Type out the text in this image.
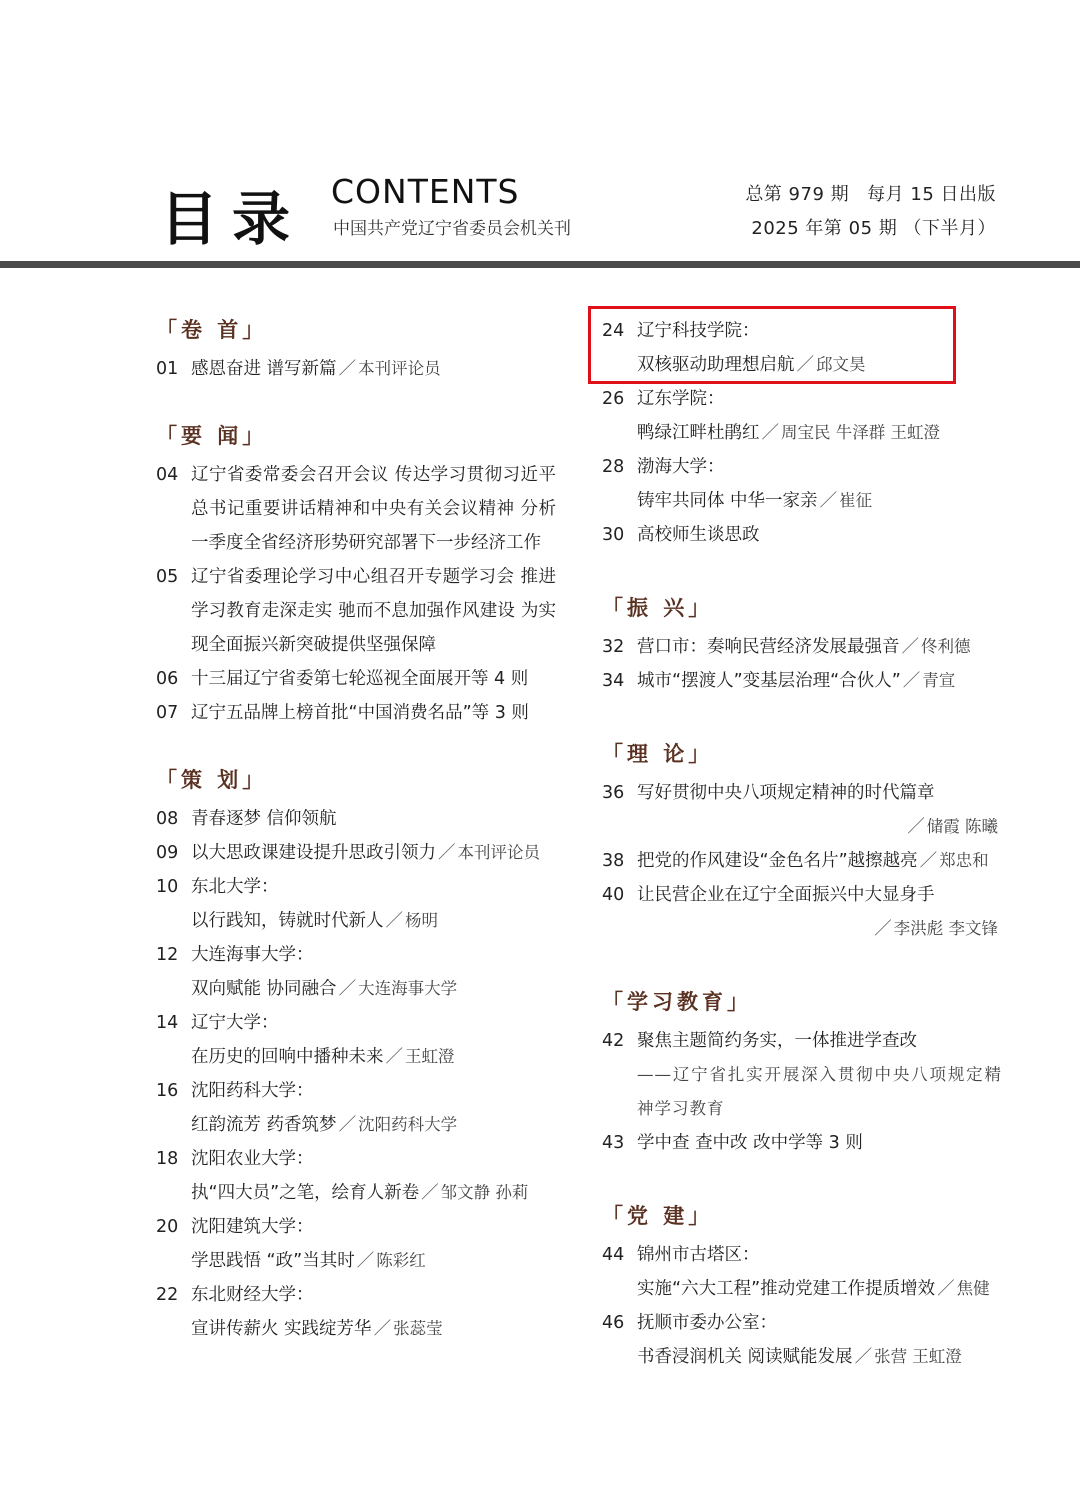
目录 CONTENTS
中国共产党辽宁省委员会机关刊
总第 979 期 每月 15 日出版
2025 年第 05 期 （下半月）
「卷 首」
01 感恩奋进 谱写新篇 ／ 本刊评论员
「要 闻」
04 辽宁省委常委会召开会议 传达学习贯彻习近平总书记重要讲话精神和中央有关会议精神 分析一季度全省经济形势研究部署下一步经济工作
05 辽宁省委理论学习中心组召开专题学习会 推进学习教育走深走实 驰而不息加强作风建设 为实现全面振兴新突破提供坚强保障
06 十三届辽宁省委第七轮巡视全面展开等 4 则
07 辽宁五品牌上榜首批“中国消费名品”等 3 则
「策 划」
08 青春逐梦 信仰领航
09 以大思政课建设提升思政引领力 ／ 本刊评论员
10 东北大学：
以行践知，铸就时代新人 ／ 杨明
12 大连海事大学：
双向赋能 协同融合 ／ 大连海事大学
14 辽宁大学：
在历史的回响中播种未来 ／ 王虹澄
16 沈阳药科大学：
红韵流芳 药香筑梦 ／ 沈阳药科大学
18 沈阳农业大学：
执“四大员”之笔，绘育人新卷 ／ 邹文静 孙莉
20 沈阳建筑大学：
学思践悟 “政”当其时 ／ 陈彩红
22 东北财经大学：
宣讲传薪火 实践绽芳华 ／ 张蕊莹
24 辽宁科技学院：
双核驱动助理想启航 ／ 邱文昊
26 辽东学院：
鸭绿江畔杜鹃红 ／ 周宝民 牛泽群 王虹澄
28 渤海大学：
铸牢共同体 中华一家亲 ／ 崔征
30 高校师生谈思政
「振 兴」
32 营口市：奏响民营经济发展最强音 ／ 佟利德
34 城市“摆渡人”变基层治理“合伙人” ／ 青宣
「理 论」
36 写好贯彻中央八项规定精神的时代篇章
／ 储霞 陈曦
38 把党的作风建设“金色名片”越擦越亮 ／ 郑忠和
40 让民营企业在辽宁全面振兴中大显身手
／ 李洪彪 李文锋
「学习教育」
42 聚焦主题简约务实，一体推进学查改
——辽宁省扎实开展深入贯彻中央八项规定精神学习教育
43 学中查 查中改 改中学等 3 则
「党 建」
44 锦州市古塔区：
实施“六大工程”推动党建工作提质增效 ／ 焦健
46 抚顺市委办公室：
书香浸润机关 阅读赋能发展 ／ 张营 王虹澄
